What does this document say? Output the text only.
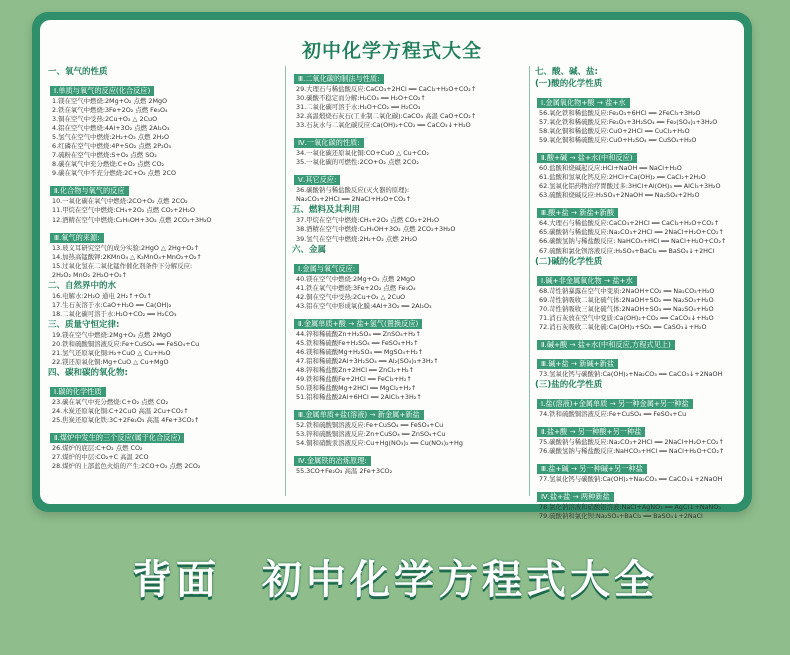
初中化学方程式大全
一、氧气的性质
Ⅰ.单质与氧气的反应(化合反应)
1.镁在空气中燃烧:2Mg+O₂ 点燃 2MgO
2.铁在氧气中燃烧:3Fe+2O₂ 点燃 Fe₃O₄
3.铜在空气中受热:2Cu+O₂ △ 2CuO
4.铝在空气中燃烧:4Al+3O₂ 点燃 2Al₂O₃
5.氢气在空气中燃烧:2H₂+O₂ 点燃 2H₂O
6.红磷在空气中燃烧:4P+5O₂ 点燃 2P₂O₅
7.硫粉在空气中燃烧:S+O₂ 点燃 SO₂
8.碳在氧气中充分燃烧:C+O₂ 点燃 CO₂
9.碳在氧气中不充分燃烧:2C+O₂ 点燃 2CO
Ⅱ.化合物与氧气的反应
10.一氧化碳在氧气中燃烧:2CO+O₂ 点燃 2CO₂
11.甲烷在空气中燃烧:CH₄+2O₂ 点燃 CO₂+2H₂O
12.酒精在空气中燃烧:C₂H₅OH+3O₂ 点燃 2CO₂+3H₂O
Ⅲ.氧气的来源:
13.玻义耳研究空气的成分实验:2HgO △ 2Hg+O₂↑
14.加热高锰酸钾:2KMnO₄ △ K₂MnO₄+MnO₂+O₂↑
15.过氧化氢在二氧化锰作催化剂条件下分解反应:
2H₂O₂ MnO₂ 2H₂O+O₂↑
二、自然界中的水
16.电解水:2H₂O 通电 2H₂↑+O₂↑
17.生石灰溶于水:CaO+H₂O ══ Ca(OH)₂
18.二氧化碳可溶于水:H₂O+CO₂ ══ H₂CO₃
三、质量守恒定律:
19.镁在空气中燃烧:2Mg+O₂ 点燃 2MgO
20.铁和硫酸铜溶液反应:Fe+CuSO₄ ══ FeSO₄+Cu
21.氢气还原氧化铜:H₂+CuO △ Cu+H₂O
22.镁还原氧化铜:Mg+CuO △ Cu+MgO
四、碳和碳的氧化物:
Ⅰ.碳的化学性质
23.碳在氧气中充分燃烧:C+O₂ 点燃 CO₂
24.木炭还原氧化铜:C+2CuO 高温 2Cu+CO₂↑
25.焦炭还原氧化铁:3C+2Fe₂O₃ 高温 4Fe+3CO₂↑
Ⅱ.煤炉中发生的三个反应(属于化合反应)
26.煤炉的底层:C+O₂ 点燃 CO₂
27.煤炉的中层:CO₂+C 高温 2CO
28.煤炉的上部蓝色火焰的产生:2CO+O₂ 点燃 2CO₂
Ⅲ.二氧化碳的制法与性质:
29.大理石与稀盐酸反应:CaCO₃+2HCl ══ CaCl₂+H₂O+CO₂↑
30.碳酸不稳定而分解:H₂CO₃ ══ H₂O+CO₂↑
31.二氧化碳可溶于水:H₂O+CO₂ ══ H₂CO₃
32.高温煅烧石灰石(工业制二氧化碳):CaCO₃ 高温 CaO+CO₂↑
33.石灰水与二氧化碳反应:Ca(OH)₂+CO₂ ══ CaCO₃↓+H₂O
Ⅳ.一氧化碳的性质:
34.一氧化碳还原氧化铜:CO+CuO △ Cu+CO₂
35.一氧化碳的可燃性:2CO+O₂ 点燃 2CO₂
Ⅴ.其它反应:
36.碳酸钠与稀盐酸反应(灭火器的原理):
Na₂CO₃+2HCl ══ 2NaCl+H₂O+CO₂↑
五、燃料及其利用
37.甲烷在空气中燃烧:CH₄+2O₂ 点燃 CO₂+2H₂O
38.酒精在空气中燃烧:C₂H₅OH+3O₂ 点燃 2CO₂+3H₂O
39.氢气在空气中燃烧:2H₂+O₂ 点燃 2H₂O
六、金属
Ⅰ.金属与氧气反应:
40.镁在空气中燃烧:2Mg+O₂ 点燃 2MgO
41.铁在氧气中燃烧:3Fe+2O₂ 点燃 Fe₃O₄
42.铜在空气中受热:2Cu+O₂ △ 2CuO
43.铝在空气中形成氧化膜:4Al+3O₂ ══ 2Al₂O₃
Ⅱ.金属单质+酸 → 盐+氢气(置换反应)
44.锌和稀硫酸Zn+H₂SO₄ ══ ZnSO₄+H₂↑
45.铁和稀硫酸Fe+H₂SO₄ ══ FeSO₄+H₂↑
46.镁和稀硫酸Mg+H₂SO₄ ══ MgSO₄+H₂↑
47.铝和稀硫酸2Al+3H₂SO₄ ══ Al₂(SO₄)₃+3H₂↑
48.锌和稀盐酸Zn+2HCl ══ ZnCl₂+H₂↑
49.铁和稀盐酸Fe+2HCl ══ FeCl₂+H₂↑
50.镁和稀盐酸Mg+2HCl ══ MgCl₂+H₂↑
51.铝和稀盐酸2Al+6HCl ══ 2AlCl₃+3H₂↑
Ⅲ.金属单质+盐(溶液) → 新金属+新盐
52.铁和硫酸铜溶液反应:Fe+CuSO₄ ══ FeSO₄+Cu
53.锌和硫酸铜溶液反应:Zn+CuSO₄ ══ ZnSO₄+Cu
54.铜和硝酸汞溶液反应:Cu+Hg(NO₃)₂ ══ Cu(NO₃)₂+Hg
Ⅳ.金属铁的冶炼原理:
55.3CO+Fe₂O₃ 高温 2Fe+3CO₂
七、酸、碱、盐:
(一)酸的化学性质
Ⅰ.金属氧化物+酸 → 盐+水
56.氧化铁和稀盐酸反应:Fe₂O₃+6HCl ══ 2FeCl₃+3H₂O
57.氧化铁和稀硫酸反应:Fe₂O₃+3H₂SO₄ ══ Fe₂(SO₄)₃+3H₂O
58.氧化铜和稀盐酸反应:CuO+2HCl ══ CuCl₂+H₂O
59.氧化铜和稀硫酸反应:CuO+H₂SO₄ ══ CuSO₄+H₂O
Ⅱ.酸+碱 → 盐+水(中和反应)
60.盐酸和烧碱起反应:HCl+NaOH ══ NaCl+H₂O
61.盐酸和氢氧化钙反应:2HCl+Ca(OH)₂ ══ CaCl₂+2H₂O
62.氢氧化铝药物治疗胃酸过多:3HCl+Al(OH)₃ ══ AlCl₃+3H₂O
63.硫酸和烧碱反应:H₂SO₄+2NaOH ══ Na₂SO₄+2H₂O
Ⅲ.酸+盐 → 新盐+新酸
64.大理石与稀盐酸反应:CaCO₃+2HCl ══ CaCl₂+H₂O+CO₂↑
65.碳酸钠与稀盐酸反应:Na₂CO₃+2HCl ══ 2NaCl+H₂O+CO₂↑
66.碳酸氢钠与稀盐酸反应: NaHCO₃+HCl ══ NaCl+H₂O+CO₂↑
67.硫酸和氯化钡溶液反应:H₂SO₄+BaCl₂ ══ BaSO₄↓+2HCl
(二)碱的化学性质
Ⅰ.碱+非金属氧化物 → 盐+水
68.苛性钠暴露在空气中变质:2NaOH+CO₂ ══ Na₂CO₃+H₂O
69.苛性钠吸收二氧化硫气体:2NaOH+SO₂ ══ Na₂SO₃+H₂O
70.苛性钠吸收三氧化硫气体:2NaOH+SO₃ ══ Na₂SO₄+H₂O
71.消石灰放在空气中变质:Ca(OH)₂+CO₂ ══ CaCO₃↓+H₂O
72.消石灰吸收二氧化硫:Ca(OH)₂+SO₂ ══ CaSO₃↓+H₂O
Ⅱ.碱+酸 → 盐+水(中和反应,方程式见上)Ⅲ.碱+盐 → 新碱+新盐
73.氢氧化钙与碳酸钠:Ca(OH)₂+Na₂CO₃ ══ CaCO₃↓+2NaOH
(三)盐的化学性质
Ⅰ.盐(溶液)+金属单质 → 另一种金属+另一种盐
74.铁和硫酸铜溶液反应:Fe+CuSO₄ ══ FeSO₄+Cu
Ⅱ.盐+酸 → 另一种酸+另一种盐
75.碳酸钠与稀盐酸反应:Na₂CO₃+2HCl ══ 2NaCl+H₂O+CO₂↑
76.碳酸氢钠与稀盐酸反应:NaHCO₃+HCl ══ NaCl+H₂O+CO₂↑
Ⅲ.盐+碱 → 另一种碱+另一种盐
77.氢氧化钙与碳酸钠:Ca(OH)₂+Na₂CO₃ ══ CaCO₃↓+2NaOH
Ⅳ.盐+盐 → 两种新盐
78.氯化钠溶液和硝酸银溶液:NaCl+AgNO₃ ══ AgCl↓+NaNO₃
79.硫酸钠和氯化钡:Na₂SO₄+BaCl₂ ══ BaSO₄↓+2NaCl
背面 初中化学方程式大全
